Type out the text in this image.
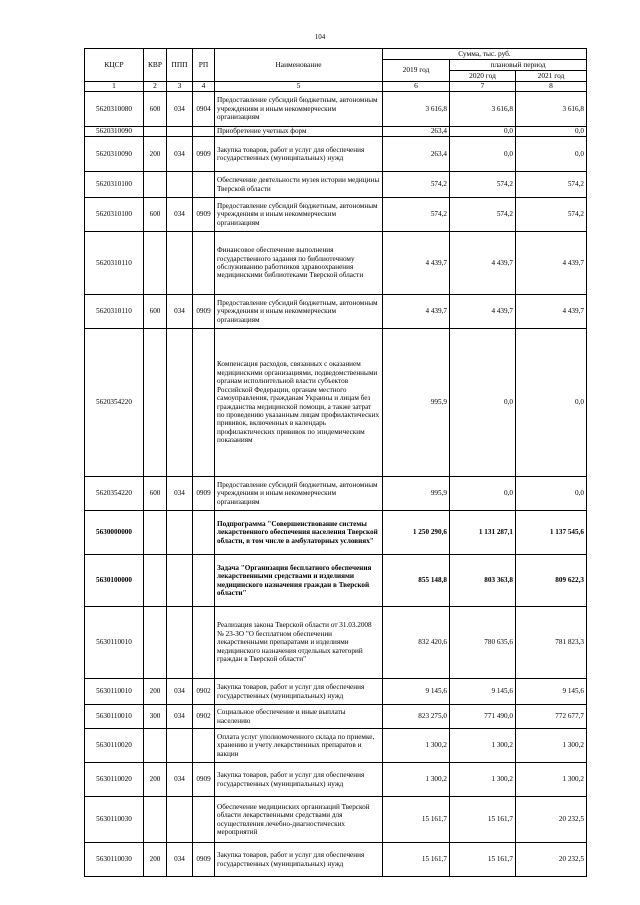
104
КЦСР	КВР	ППП	РП	Наименование	Сумма, тыс. руб.		
					2019 год	плановый период	
						2020 год	2021 год
1	2	3	4	5	6	7	8
5620310080	600	034	0904	Предоставление субсидий бюджетным, автономным учреждениям и иным некоммерческим организациям	3 616,8	3 616,8	3 616,8
5620310090				Приобретение учетных форм	263,4	0,0	0,0
5620310090	200	034	0909	Закупка товаров, работ и услуг для обеспечения государственных (муниципальных) нужд	263,4	0,0	0,0
5620310100				Обеспечение деятельности музея истории медицины Тверской области	574,2	574,2	574,2
5620310100	600	034	0909	Предоставление субсидий бюджетным, автономным учреждениям и иным некоммерческим организациям	574,2	574,2	574,2
5620310110				Финансовое обеспечение выполнения государственного задания по библиотечному обслуживанию работников здравоохранения медицинскими библиотеками Тверской области	4 439,7	4 439,7	4 439,7
5620310110	600	034	0909	Предоставление субсидий бюджетным, автономным учреждениям и иным некоммерческим организациям	4 439,7	4 439,7	4 439,7
5620354220				Компенсация расходов, связанных с оказанием медицинскими организациями, подведомственными органам исполнительной власти субъектов Российской Федерации, органам местного самоуправления, гражданам Украины и лицам без гражданства медицинской помощи, а также затрат по проведению указанным лицам профилактических прививок, включенных в календарь профилактических прививок по эпидемическим показаниям	995,9	0,0	0,0
5620354220	600	034	0909	Предоставление субсидий бюджетным, автономным учреждениям и иным некоммерческим организациям	995,9	0,0	0,0
5630000000				Подпрограмма "Совершенствование системы лекарственного обеспечения населения Тверской области, в том числе в амбулаторных условиях"	1 250 290,6	1 131 287,1	1 137 545,6
5630100000				Задача "Организация бесплатного обеспечения лекарственными средствами и изделиями медицинского назначения граждан в Тверской области"	855 148,8	803 363,8	809 622,3
5630110010				Реализация закона Тверской области от 31.03.2008 № 23-ЗО "О бесплатном обеспечении лекарственными препаратами и изделиями медицинского назначения отдельных категорий граждан в Тверской области"	832 420,6	780 635,6	781 823,3
5630110010	200	034	0902	Закупка товаров, работ и услуг для обеспечения государственных (муниципальных) нужд	9 145,6	9 145,6	9 145,6
5630110010	300	034	0902	Социальное обеспечение и иные выплаты населению	823 275,0	771 490,0	772 677,7
5630110020				Оплата услуг уполномоченного склада по приемке, хранению и учету лекарственных препаратов и вакцин	1 300,2	1 300,2	1 300,2
5630110020	200	034	0909	Закупка товаров, работ и услуг для обеспечения государственных (муниципальных) нужд	1 300,2	1 300,2	1 300,2
5630110030				Обеспечение медицинских организаций Тверской области лекарственными средствами для осуществления лечебно-диагностических мероприятий	15 161,7	15 161,7	20 232,5
5630110030	200	034	0909	Закупка товаров, работ и услуг для обеспечения государственных (муниципальных) нужд	15 161,7	15 161,7	20 232,5
